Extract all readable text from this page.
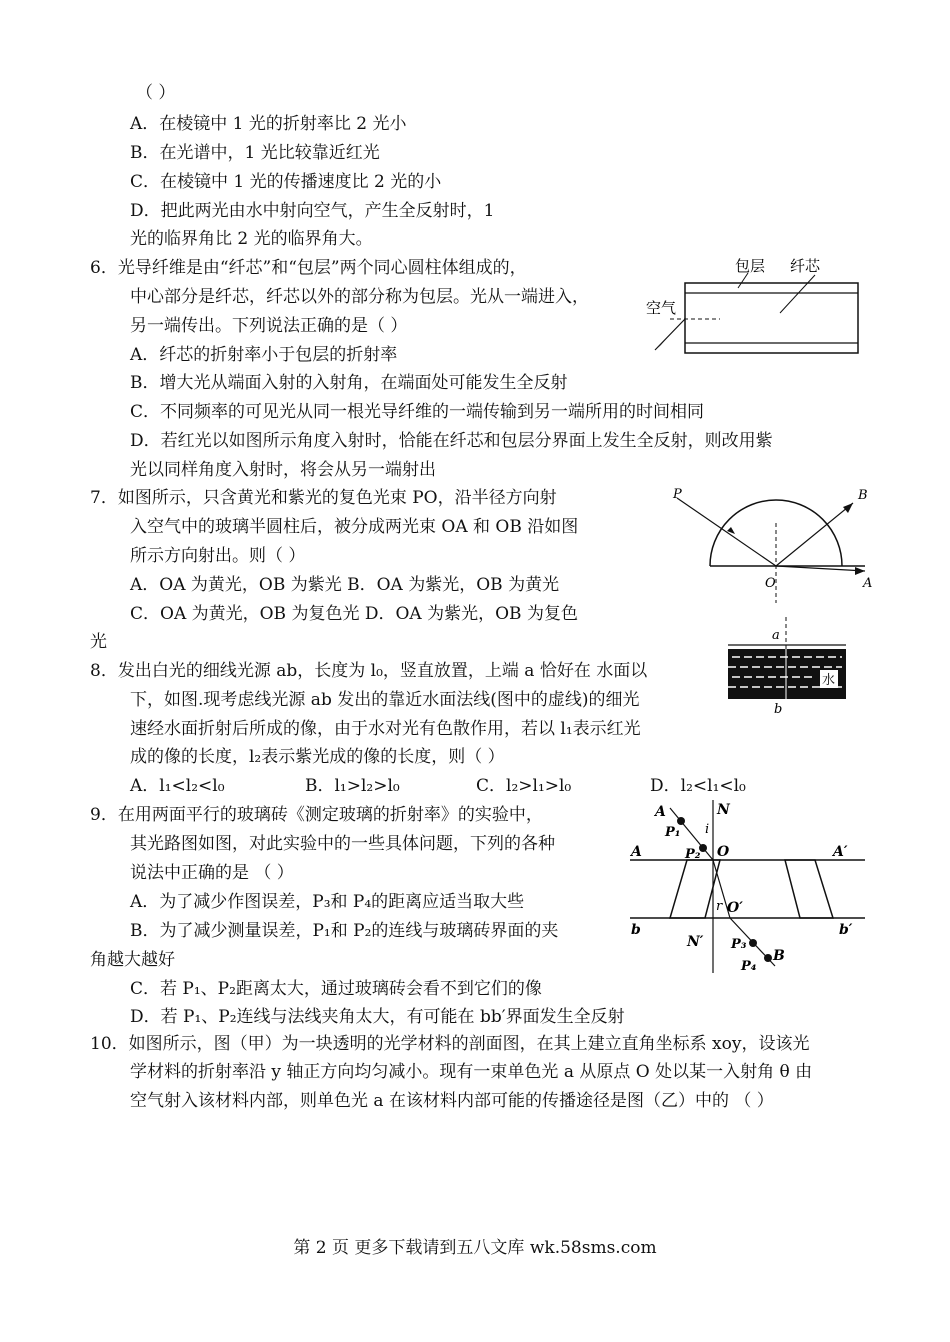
（ ）
A．在棱镜中 1 光的折射率比 2 光小
B．在光谱中，1 光比较靠近红光
C．在棱镜中 1 光的传播速度比 2 光的小
D．把此两光由水中射向空气，产生全反射时，1
光的临界角比 2 光的临界角大。
6．光导纤维是由“纤芯”和“包层”两个同心圆柱体组成的，
中心部分是纤芯，纤芯以外的部分称为包层。光从一端进入，
另一端传出。下列说法正确的是（ ）
A．纤芯的折射率小于包层的折射率
B．增大光从端面入射的入射角，在端面处可能发生全反射
C．不同频率的可见光从同一根光导纤维的一端传输到另一端所用的时间相同
D．若红光以如图所示角度入射时，恰能在纤芯和包层分界面上发生全反射，则改用紫
光以同样角度入射时，将会从另一端射出
包层 纤芯
空气
7．如图所示，只含黄光和紫光的复色光束 PO，沿半径方向射
入空气中的玻璃半圆柱后，被分成两光束 OA 和 OB 沿如图
所示方向射出。则（ ）
A．OA 为黄光，OB 为紫光 B．OA 为紫光，OB 为黄光
C．OA 为黄光，OB 为复色光 D．OA 为紫光，OB 为复色
光
P	B
O	A
8．发出白光的细线光源 ab，长度为 l₀，竖直放置，上端 a 恰好在 水面以
下，如图.现考虑线光源 ab 发出的靠近水面法线(图中的虚线)的细光
速经水面折射后所成的像，由于水对光有色散作用，若以 l₁表示红光
成的像的长度，l₂表示紫光成的像的长度，则（ ）
A．l₁<l₂<l₀	B．l₁>l₂>l₀	C．l₂>l₁>l₀	D．l₂<l₁<l₀
水
a
b
9．在用两面平行的玻璃砖《测定玻璃的折射率》的实验中，
其光路图如图，对此实验中的一些具体问题，下列的各种
说法中正确的是 （ ）
A．为了减少作图误差，P₃和 P₄的距离应适当取大些
B．为了减少测量误差，P₁和 P₂的连线与玻璃砖界面的夹
角越大越好
C．若 P₁、P₂距离太大，通过玻璃砖会看不到它们的像
D．若 P₁、P₂连线与法线夹角太大，有可能在 bb′界面发生全反射
A	N
P₁ i
P₂ O
A	A′
r O′
b	b′
N′ P₃
B
P₄
10．如图所示，图（甲）为一块透明的光学材料的剖面图，在其上建立直角坐标系 xoy，设该光
学材料的折射率沿 y 轴正方向均匀减小。现有一束单色光 a 从原点 O 处以某一入射角 θ 由
空气射入该材料内部，则单色光 a 在该材料内部可能的传播途径是图（乙）中的 （ ）
第 2 页 更多下载请到五八文库 wk.58sms.com
